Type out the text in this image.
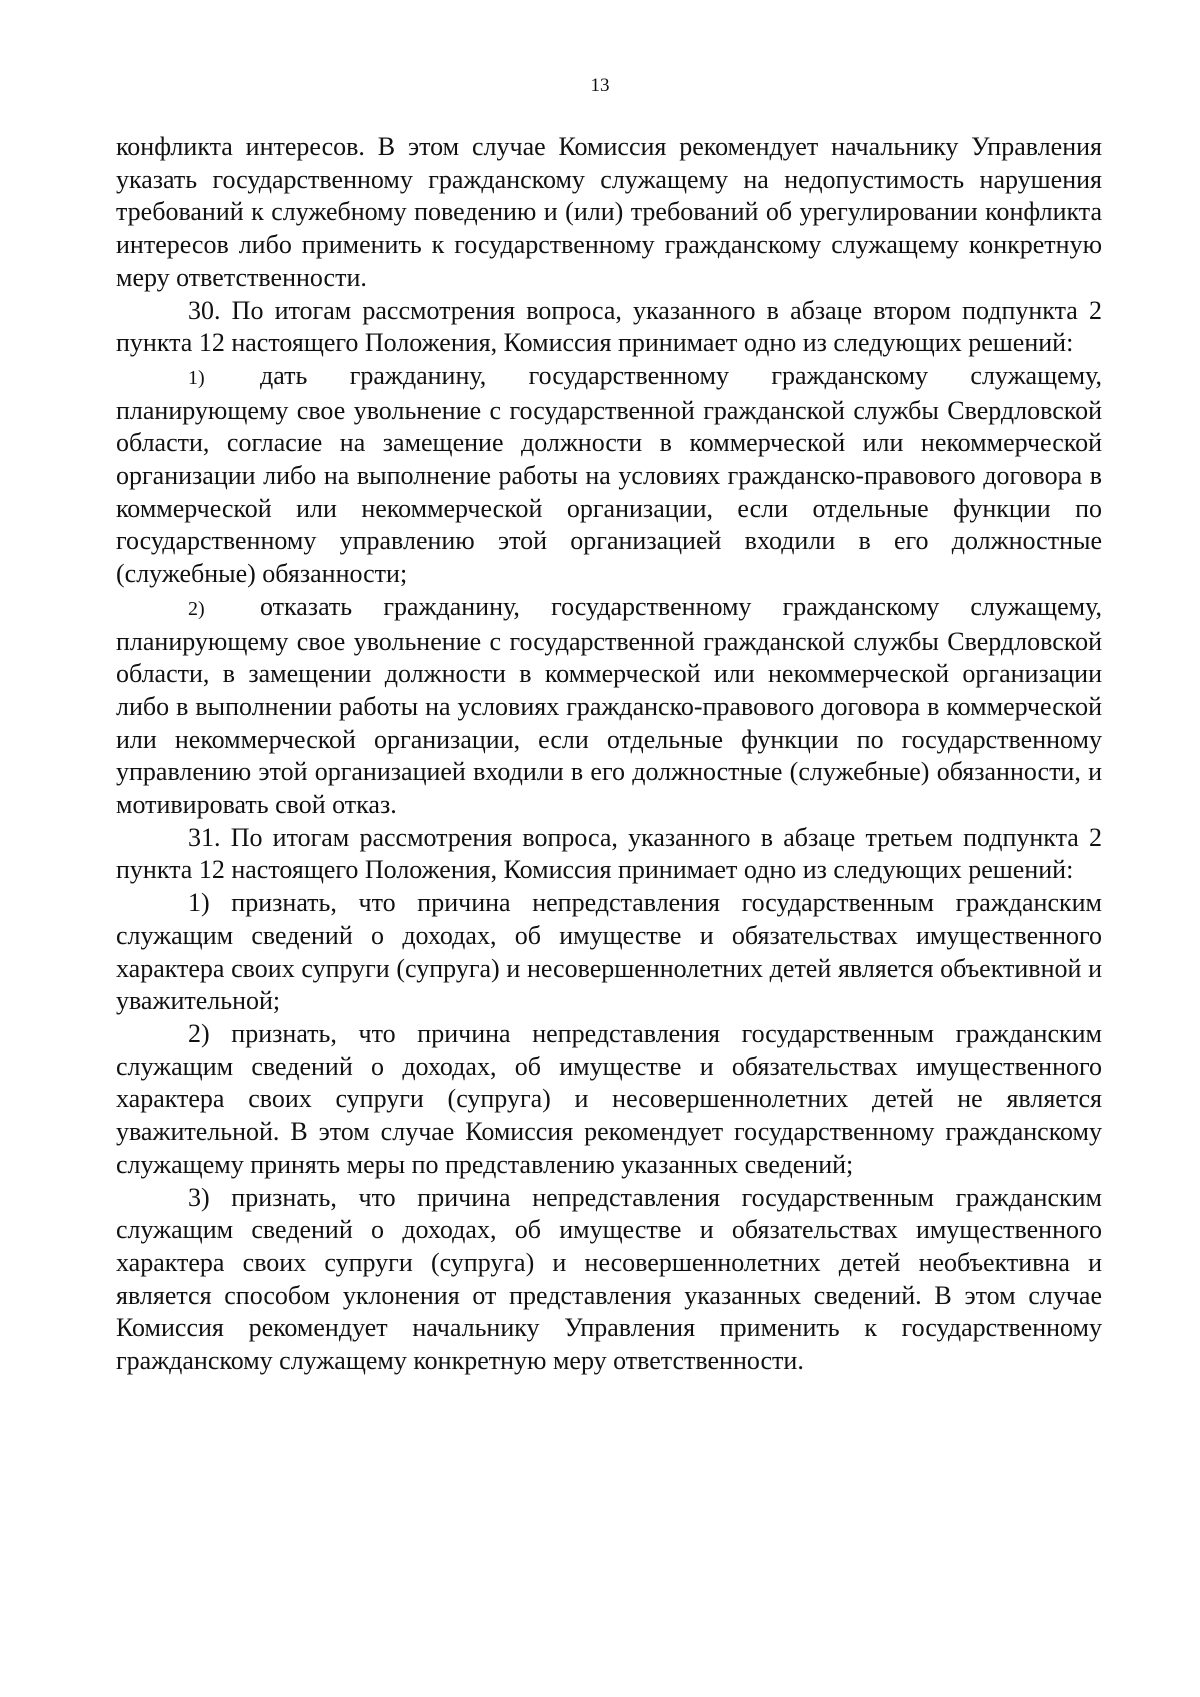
13

конфликта интересов. В этом случае Комиссия рекомендует начальнику Управления указать государственному гражданскому служащему на недопустимость нарушения требований к служебному поведению и (или) требований об урегулировании конфликта интересов либо применить к государственному гражданскому служащему конкретную меру ответственности.

30. По итогам рассмотрения вопроса, указанного в абзаце втором подпункта 2 пункта 12 настоящего Положения, Комиссия принимает одно из следующих решений:

1) дать гражданину, государственному гражданскому служащему, планирующему свое увольнение с государственной гражданской службы Свердловской области, согласие на замещение должности в коммерческой или некоммерческой организации либо на выполнение работы на условиях гражданско-правового договора в коммерческой или некоммерческой организации, если отдельные функции по государственному управлению этой организацией входили в его должностные (служебные) обязанности;

2) отказать гражданину, государственному гражданскому служащему, планирующему свое увольнение с государственной гражданской службы Свердловской области, в замещении должности в коммерческой или некоммерческой организации либо в выполнении работы на условиях гражданско-правового договора в коммерческой или некоммерческой организации, если отдельные функции по государственному управлению этой организацией входили в его должностные (служебные) обязанности, и мотивировать свой отказ.

31. По итогам рассмотрения вопроса, указанного в абзаце третьем подпункта 2 пункта 12 настоящего Положения, Комиссия принимает одно из следующих решений:

1) признать, что причина непредставления государственным гражданским служащим сведений о доходах, об имуществе и обязательствах имущественного характера своих супруги (супруга) и несовершеннолетних детей является объективной и уважительной;

2) признать, что причина непредставления государственным гражданским служащим сведений о доходах, об имуществе и обязательствах имущественного характера своих супруги (супруга) и несовершеннолетних детей не является уважительной. В этом случае Комиссия рекомендует государственному гражданскому служащему принять меры по представлению указанных сведений;

3) признать, что причина непредставления государственным гражданским служащим сведений о доходах, об имуществе и обязательствах имущественного характера своих супруги (супруга) и несовершеннолетних детей необъективна и является способом уклонения от представления указанных сведений. В этом случае Комиссия рекомендует начальнику Управления применить к государственному гражданскому служащему конкретную меру ответственности.
